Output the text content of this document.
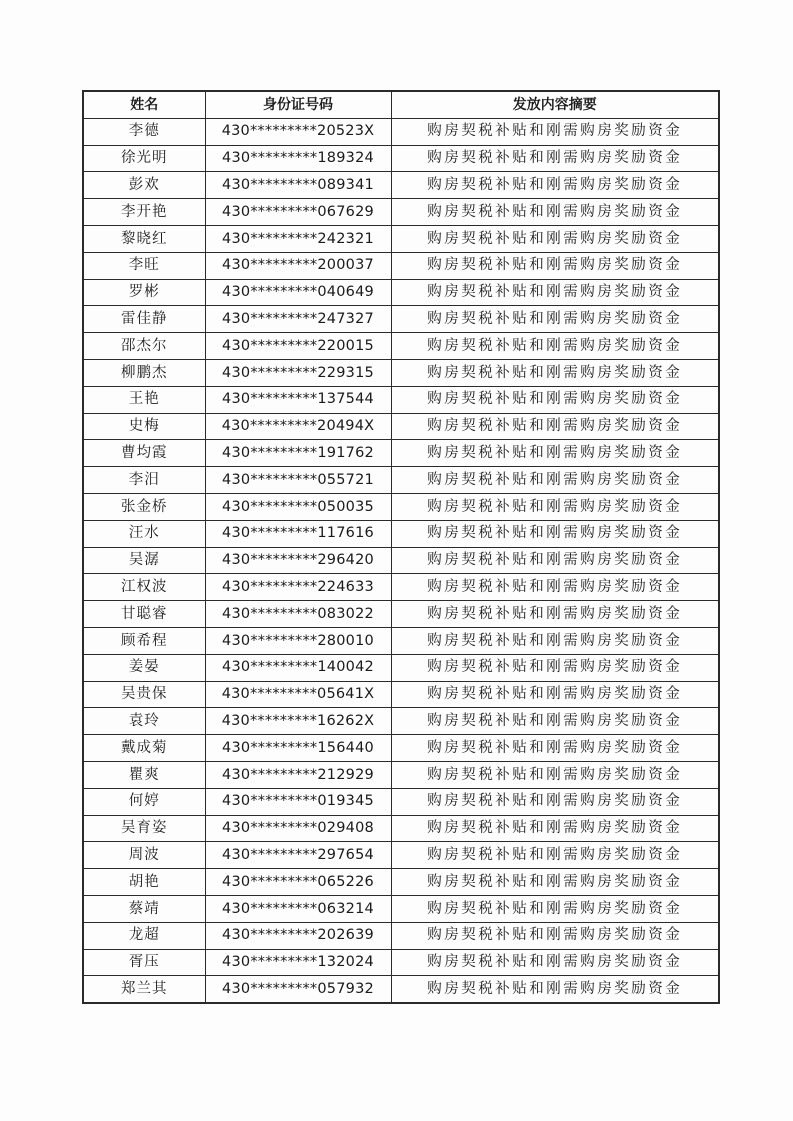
姓名	身份证号码	发放内容摘要
李德	430*********20523X	购房契税补贴和刚需购房奖励资金
徐光明	430*********189324	购房契税补贴和刚需购房奖励资金
彭欢	430*********089341	购房契税补贴和刚需购房奖励资金
李开艳	430*********067629	购房契税补贴和刚需购房奖励资金
黎晓红	430*********242321	购房契税补贴和刚需购房奖励资金
李旺	430*********200037	购房契税补贴和刚需购房奖励资金
罗彬	430*********040649	购房契税补贴和刚需购房奖励资金
雷佳静	430*********247327	购房契税补贴和刚需购房奖励资金
邵杰尔	430*********220015	购房契税补贴和刚需购房奖励资金
柳鹏杰	430*********229315	购房契税补贴和刚需购房奖励资金
王艳	430*********137544	购房契税补贴和刚需购房奖励资金
史梅	430*********20494X	购房契税补贴和刚需购房奖励资金
曹均霞	430*********191762	购房契税补贴和刚需购房奖励资金
李汨	430*********055721	购房契税补贴和刚需购房奖励资金
张金桥	430*********050035	购房契税补贴和刚需购房奖励资金
汪水	430*********117616	购房契税补贴和刚需购房奖励资金
吴潺	430*********296420	购房契税补贴和刚需购房奖励资金
江权波	430*********224633	购房契税补贴和刚需购房奖励资金
甘聪睿	430*********083022	购房契税补贴和刚需购房奖励资金
顾希程	430*********280010	购房契税补贴和刚需购房奖励资金
姜晏	430*********140042	购房契税补贴和刚需购房奖励资金
吴贵保	430*********05641X	购房契税补贴和刚需购房奖励资金
袁玲	430*********16262X	购房契税补贴和刚需购房奖励资金
戴成菊	430*********156440	购房契税补贴和刚需购房奖励资金
瞿爽	430*********212929	购房契税补贴和刚需购房奖励资金
何婷	430*********019345	购房契税补贴和刚需购房奖励资金
吴育姿	430*********029408	购房契税补贴和刚需购房奖励资金
周波	430*********297654	购房契税补贴和刚需购房奖励资金
胡艳	430*********065226	购房契税补贴和刚需购房奖励资金
蔡靖	430*********063214	购房契税补贴和刚需购房奖励资金
龙超	430*********202639	购房契税补贴和刚需购房奖励资金
胥压	430*********132024	购房契税补贴和刚需购房奖励资金
郑兰其	430*********057932	购房契税补贴和刚需购房奖励资金
